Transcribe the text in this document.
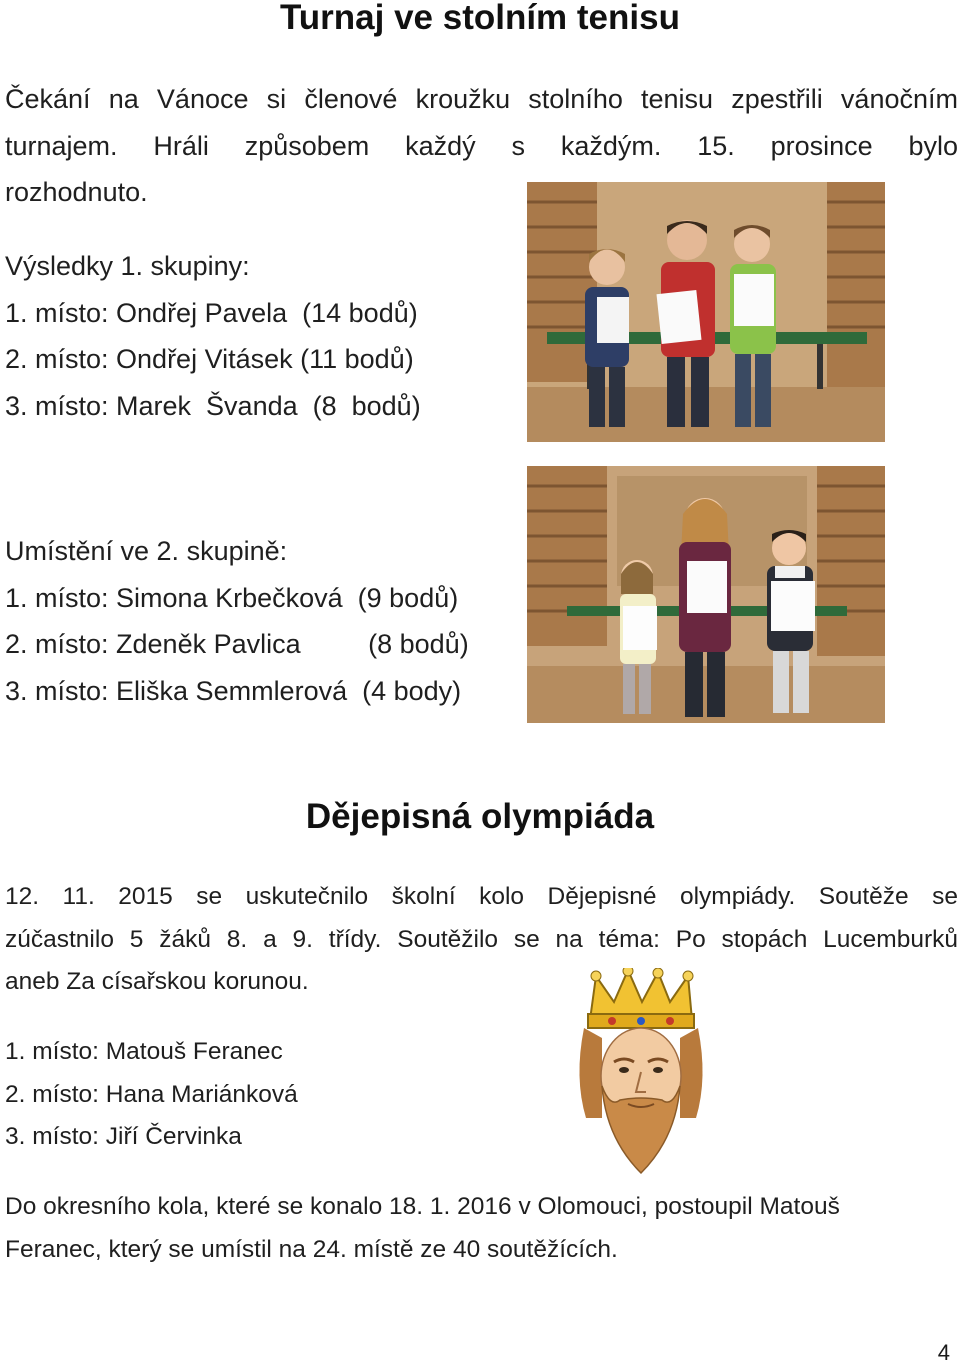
Turnaj ve stolním tenisu
Čekání na Vánoce si členové kroužku stolního tenisu zpestřili vánočním
turnajem. Hráli způsobem každý s každým. 15. prosince bylo
rozhodnuto.
Výsledky 1. skupiny:
1. místo: Ondřej Pavela  (14 bodů)
2. místo: Ondřej Vitásek (11 bodů)
3. místo: Marek  Švanda  (8  bodů)
Umístění ve 2. skupině:
1. místo: Simona Krbečková  (9 bodů)
2. místo: Zdeněk Pavlica         (8 bodů)
3. místo: Eliška Semmlerová  (4 body)
Dějepisná olympiáda
12. 11. 2015 se uskutečnilo školní kolo Dějepisné olympiády. Soutěže se
zúčastnilo 5 žáků 8. a 9. třídy. Soutěžilo se na téma: Po stopách Lucemburků
aneb Za císařskou korunou.
1. místo: Matouš Feranec
2. místo: Hana Mariánková
3. místo: Jiří Červinka
Do okresního kola, které se konalo 18. 1. 2016 v Olomouci, postoupil Matouš
Feranec, který se umístil na 24. místě ze 40 soutěžících.
4
